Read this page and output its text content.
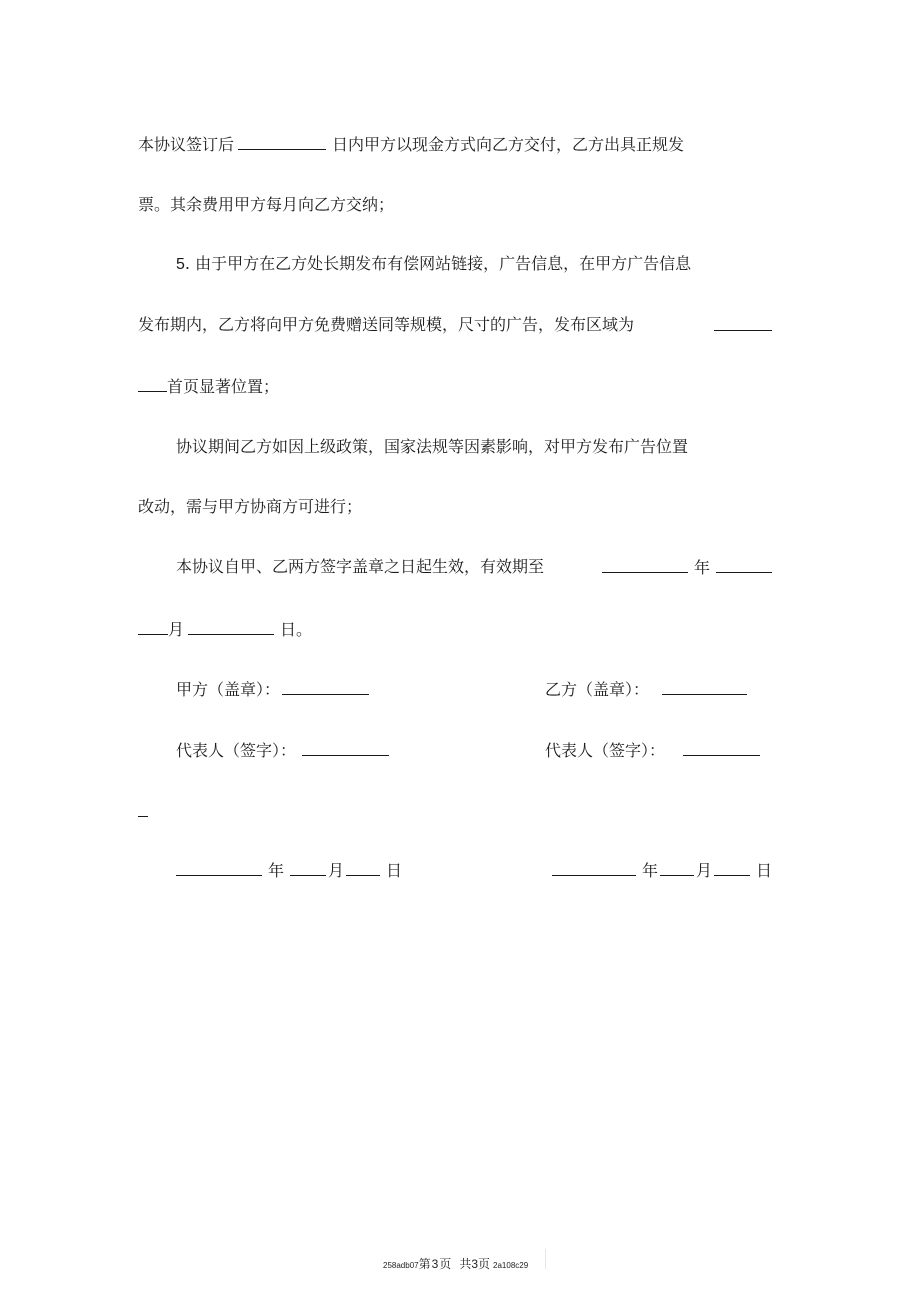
本协议签订后	日内甲方以现金方式向乙方交付，乙方出具正规发
票。其余费用甲方每月向乙方交纳；
5. 由于甲方在乙方处长期发布有偿网站链接，广告信息，在甲方广告信息
发布期内，乙方将向甲方免费赠送同等规模，尺寸的广告，发布区域为
首页显著位置；
协议期间乙方如因上级政策，国家法规等因素影响，对甲方发布广告位置
改动，需与甲方协商方可进行；
本协议自甲、乙两方签字盖章之日起生效，有效期至	年
月	日。
甲方（盖章）：	乙方（盖章）：
代表人（签字）：	代表人（签字）：
年	月	日	年 月	日
258adb07第3页 共3页 2a108c29
